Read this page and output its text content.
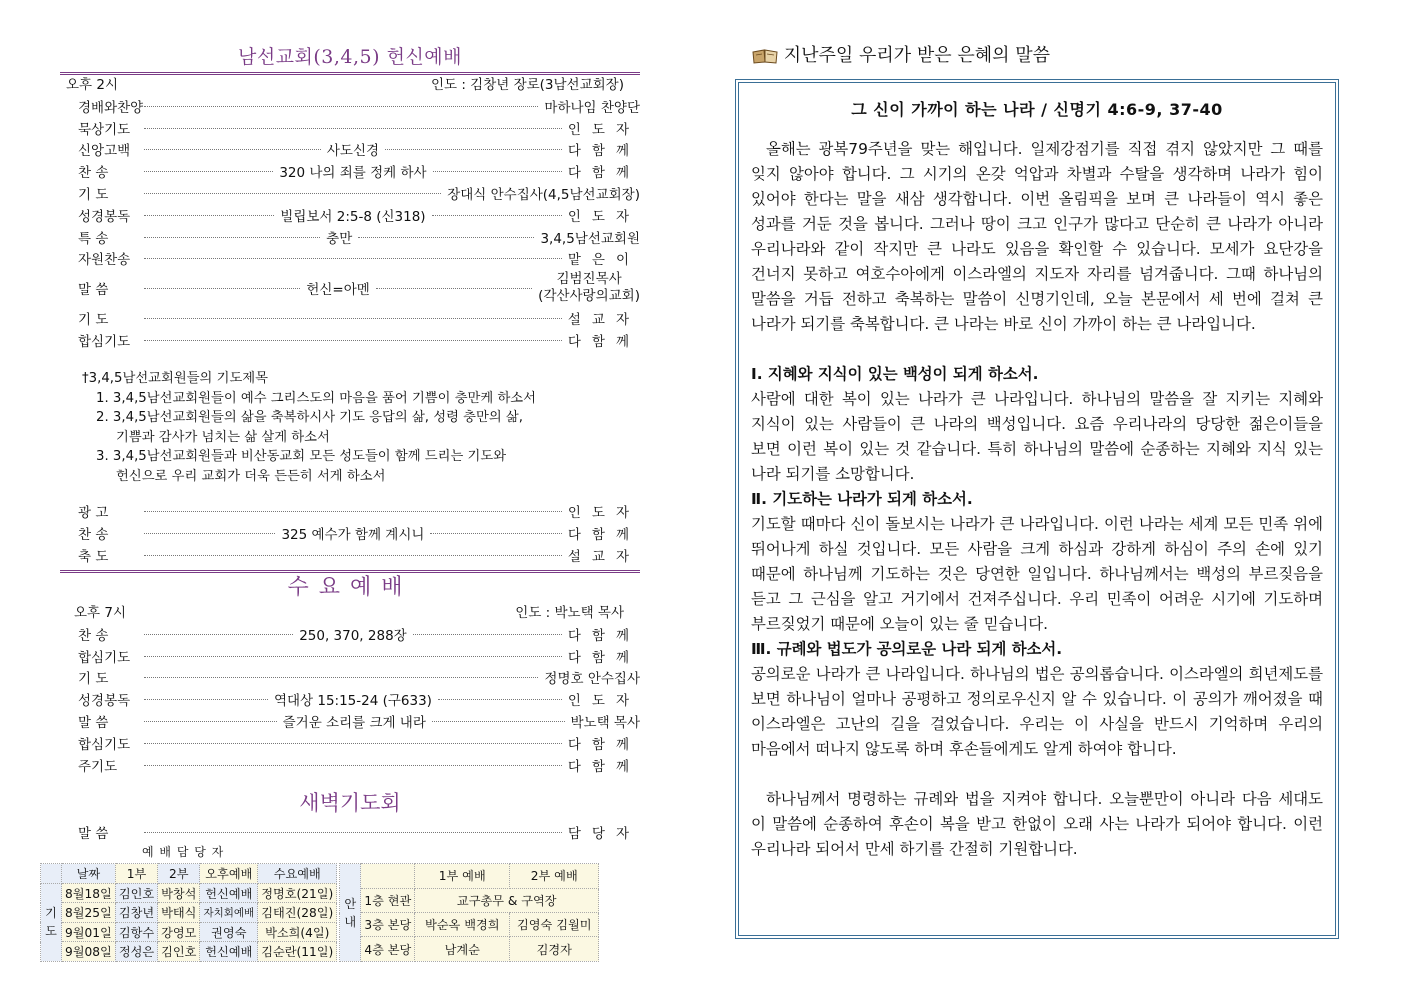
남선교회(3,4,5) 헌신예배
오후 2시	인도 : 김창년 장로(3남선교회장)
경배와찬양	마하나임 찬양단
묵상기도	인도자
신앙고백	사도신경	다함께
찬 송	320 나의 죄를 정케 하사	다함께
기 도	장대식 안수집사(4,5남선교회장)
성경봉독	빌립보서 2:5-8 (신318)	인도자
특 송	충만	3,4,5남선교회원
자원찬송	맡은이
말 씀	헌신=아멘
김범진목사
(각산사랑의교회)
기 도	설교자
합심기도	다함께
†3,4,5남선교회원들의 기도제목
1. 3,4,5남선교회원들이 예수 그리스도의 마음을 품어 기쁨이 충만케 하소서
2. 3,4,5남선교회원들의 삶을 축복하시사 기도 응답의 삶, 성령 충만의 삶,
기쁨과 감사가 넘치는 삶 살게 하소서
3. 3,4,5남선교회원들과 비산동교회 모든 성도들이 함께 드리는 기도와
헌신으로 우리 교회가 더욱 든든히 서게 하소서
광 고	인도자
찬 송	325 예수가 함께 계시니	다함께
축 도	설교자
수요예배
오후 7시	인도 : 박노택 목사
찬 송	250, 370, 288장	다함께
합심기도	다함께
기 도	정명호 안수집사
성경봉독	역대상 15:15-24 (구633)	인도자
말 씀	즐거운 소리를 크게 내라	박노택 목사
합심기도	다함께
주기도	다함께
새벽기도회
말 씀	담당자
예 배 담 당 자
	날짜	1부	2부	오후예배	수요예배
기도	8월18일	김인호	박창석	헌신예배	정명호(21일)
	8월25일	김창년	박태식	자치회예배	김태진(28일)
	9월01일	김항수	강영모	권영숙	박소희(4일)
	9월08일	정성은	김인호	헌신예배	김순란(11일)
안내		1부 예배	2부 예배
	1층 현관	교구총무 & 구역장	
	3층 본당	박순옥 백경희	김영숙 김월미
	4층 본당	남계순	김경자
지난주일 우리가 받은 은혜의 말씀
그 신이 가까이 하는 나라 / 신명기 4:6-9, 37-40
올해는 광복79주년을 맞는 해입니다. 일제강점기를 직접 겪지 않았지만 그 때를 잊지 않아야 합니다. 그 시기의 온갖 억압과 차별과 수탈을 생각하며 나라가 힘이 있어야 한다는 말을 새삼 생각합니다. 이번 올림픽을 보며 큰 나라들이 역시 좋은 성과를 거둔 것을 봅니다. 그러나 땅이 크고 인구가 많다고 단순히 큰 나라가 아니라 우리나라와 같이 작지만 큰 나라도 있음을 확인할 수 있습니다. 모세가 요단강을 건너지 못하고 여호수아에게 이스라엘의 지도자 자리를 넘겨줍니다. 그때 하나님의 말씀을 거듭 전하고 축복하는 말씀이 신명기인데, 오늘 본문에서 세 번에 걸쳐 큰 나라가 되기를 축복합니다. 큰 나라는 바로 신이 가까이 하는 큰 나라입니다.
Ⅰ. 지혜와 지식이 있는 백성이 되게 하소서.
사람에 대한 복이 있는 나라가 큰 나라입니다. 하나님의 말씀을 잘 지키는 지혜와 지식이 있는 사람들이 큰 나라의 백성입니다. 요즘 우리나라의 당당한 젊은이들을 보면 이런 복이 있는 것 같습니다. 특히 하나님의 말씀에 순종하는 지혜와 지식 있는 나라 되기를 소망합니다.
Ⅱ. 기도하는 나라가 되게 하소서.
기도할 때마다 신이 돌보시는 나라가 큰 나라입니다. 이런 나라는 세계 모든 민족 위에 뛰어나게 하실 것입니다. 모든 사람을 크게 하심과 강하게 하심이 주의 손에 있기 때문에 하나님께 기도하는 것은 당연한 일입니다. 하나님께서는 백성의 부르짖음을 듣고 그 근심을 알고 거기에서 건져주십니다. 우리 민족이 어려운 시기에 기도하며 부르짖었기 때문에 오늘이 있는 줄 믿습니다.
Ⅲ. 규례와 법도가 공의로운 나라 되게 하소서.
공의로운 나라가 큰 나라입니다. 하나님의 법은 공의롭습니다. 이스라엘의 희년제도를 보면 하나님이 얼마나 공평하고 정의로우신지 알 수 있습니다. 이 공의가 깨어졌을 때 이스라엘은 고난의 길을 걸었습니다. 우리는 이 사실을 반드시 기억하며 우리의 마음에서 떠나지 않도록 하며 후손들에게도 알게 하여야 합니다.
하나님께서 명령하는 규례와 법을 지켜야 합니다. 오늘뿐만이 아니라 다음 세대도 이 말씀에 순종하여 후손이 복을 받고 한없이 오래 사는 나라가 되어야 합니다. 이런 우리나라 되어서 만세 하기를 간절히 기원합니다.
